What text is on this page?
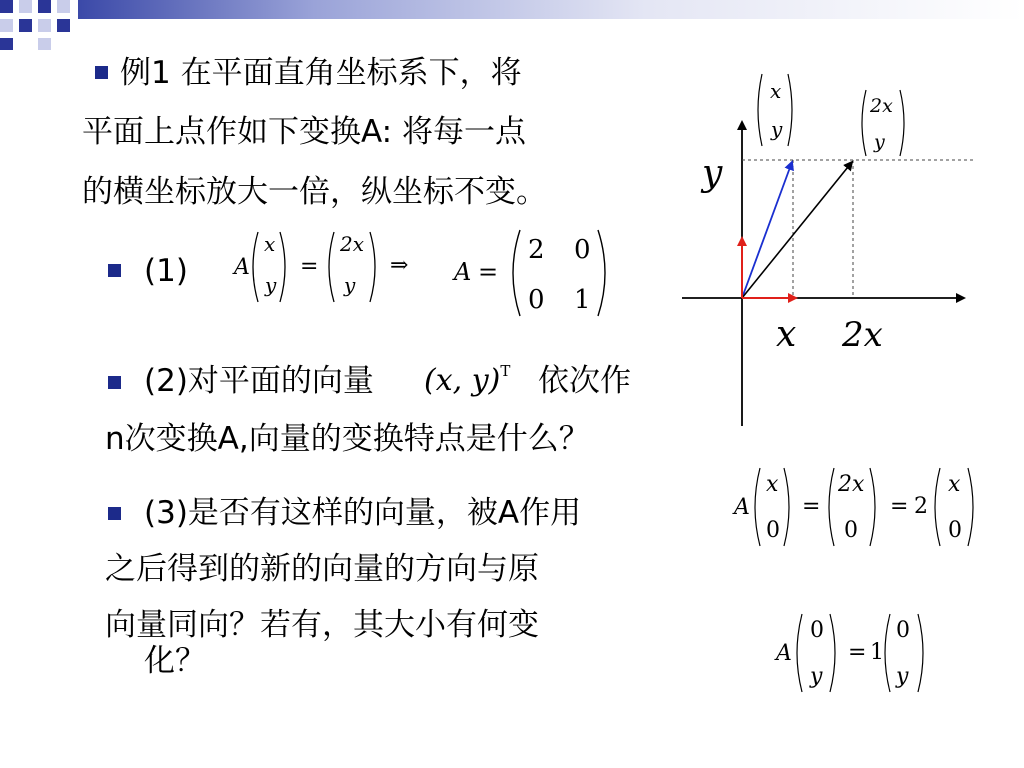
例1 在平面直角坐标系下，将
平面上点作如下变换A: 将每一点
的横坐标放大一倍，纵坐标不变。
(1) A
x
y
=
2x
y
⇒ A =
2 0
0 1
(2)对平面的向量 (x, y)$^T$ 依次作
n次变换A,向量的变换特点是什么？
(3)是否有这样的向量，被A作用
之后得到的新的向量的方向与原
向量同向？若有，其大小有何变
化？
y
x 2x
x
y
2x
y
A
x
0
=
2x
0
= 2
x
0
A
0
y
= 1
0
y
